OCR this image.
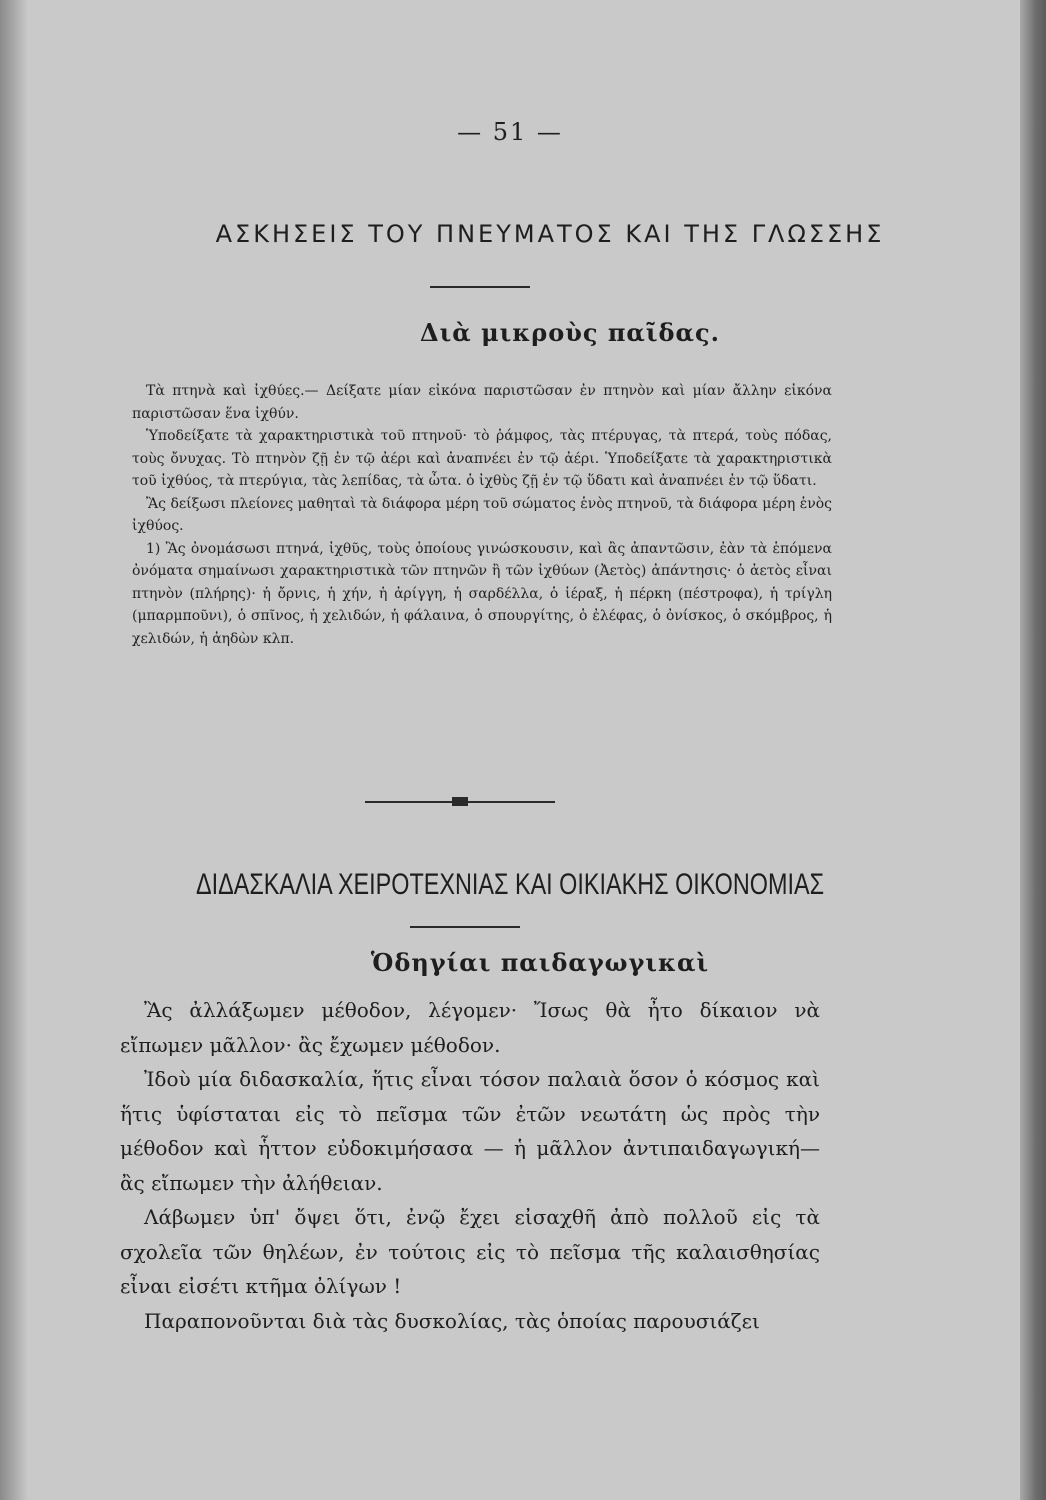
— 51 —
ΑΣΚΗΣΕΙΣ ΤΟΥ ΠΝΕΥΜΑΤΟΣ ΚΑΙ ΤΗΣ ΓΛΩΣΣΗΣ
Διὰ μικροὺς παῖδας.

Τὰ πτηνὰ καὶ ἰχθύες.— Δείξατε μίαν εἰκόνα παριστῶσαν ἐν πτηνὸν καὶ μίαν ἄλλην εἰκόνα παριστῶσαν ἕνα ἰχθύν.

Ὑποδείξατε τὰ χαρακτηριστικὰ τοῦ πτηνοῦ· τὸ ῥάμφος, τὰς πτέρυγας, τὰ πτερά, τοὺς πόδας, τοὺς ὄνυχας. Τὸ πτηνὸν ζῇ ἐν τῷ ἀέρι καὶ ἀναπνέει ἐν τῷ ἀέρι. Ὑποδείξατε τὰ χαρακτηριστικὰ τοῦ ἰχθύος, τὰ πτερύγια, τὰς λεπίδας, τὰ ὦτα. ὁ ἰχθὺς ζῇ ἐν τῷ ὕδατι καὶ ἀναπνέει ἐν τῷ ὕδατι.

Ἂς δείξωσι πλείονες μαθηταὶ τὰ διάφορα μέρη τοῦ σώματος ἑνὸς πτηνοῦ, τὰ διάφορα μέρη ἑνὸς ἰχθύος.

1) Ἂς ὀνομάσωσι πτηνά, ἰχθῦς, τοὺς ὁποίους γινώσκουσιν, καὶ ἂς ἀπαντῶσιν, ἐὰν τὰ ἑπόμενα ὀνόματα σημαίνωσι χαρακτηριστικὰ τῶν πτηνῶν ἢ τῶν ἰχθύων (Ἀετὸς) ἀπάντησις· ὁ ἀετὸς εἶναι πτηνὸν (πλήρης)· ἡ ὄρνις, ἡ χήν, ἡ ἀρίγγη, ἡ σαρδέλλα, ὁ ἱέραξ, ἡ πέρκη (πέστροφα), ἡ τρίγλη (μπαρμποῦνι), ὁ σπῖνος, ἡ χελιδών, ἡ φάλαινα, ὁ σπουργίτης, ὁ ἐλέφας, ὁ ὀνίσκος, ὁ σκόμβρος, ἡ χελιδών, ἡ ἀηδὼν κλπ.

ΔΙΔΑΣΚΑΛΙΑ ΧΕΙΡΟΤΕΧΝΙΑΣ ΚΑΙ ΟΙΚΙΑΚΗΣ ΟΙΚΟΝΟΜΙΑΣ
Ὁδηγίαι παιδαγωγικαὶ

Ἂς ἀλλάξωμεν μέθοδον, λέγομεν· Ἴσως θὰ ἦτο δίκαιον νὰ εἴπωμεν μᾶλλον· ἂς ἔχωμεν μέθοδον.

Ἰδοὺ μία διδασκαλία, ἥτις εἶναι τόσον παλαιὰ ὅσον ὁ κόσμος καὶ ἥτις ὑφίσταται εἰς τὸ πεῖσμα τῶν ἐτῶν νεωτάτη ὡς πρὸς τὴν μέθοδον καὶ ἧττον εὐδοκιμήσασα — ἡ μᾶλλον ἀντιπαιδαγωγική— ἂς εἴπωμεν τὴν ἀλήθειαν.

Λάβωμεν ὑπ' ὄψει ὅτι, ἐνῷ ἔχει εἰσαχθῆ ἀπὸ πολλοῦ εἰς τὰ σχολεῖα τῶν θηλέων, ἐν τούτοις εἰς τὸ πεῖσμα τῆς καλαισθησίας εἶναι εἰσέτι κτῆμα ὀλίγων !

Παραπονοῦνται διὰ τὰς δυσκολίας, τὰς ὁποίας παρουσιάζει
